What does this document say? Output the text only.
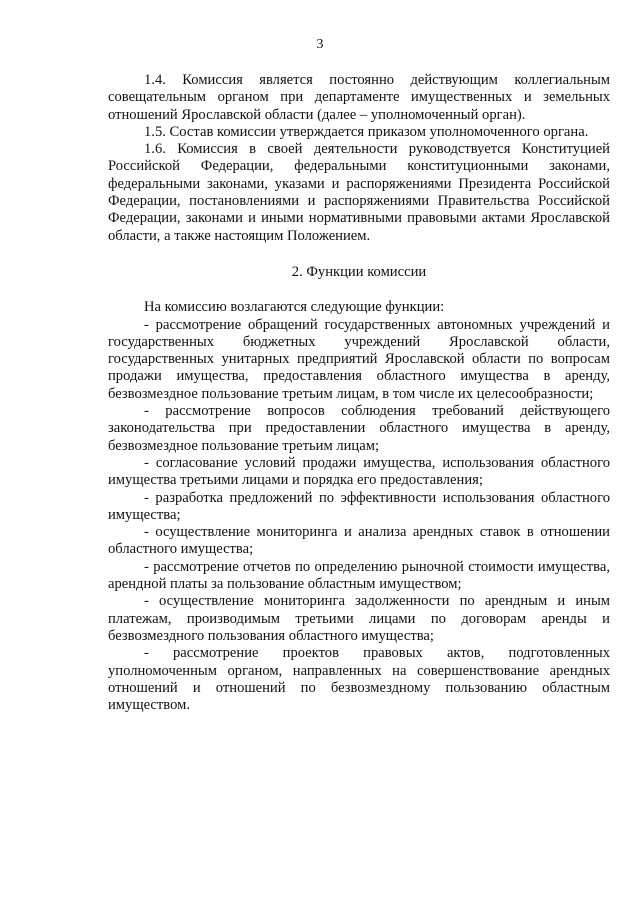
3

1.4. Комиссия является постоянно действующим коллегиальным совещательным органом при департаменте имущественных и земельных отношений Ярославской области (далее – уполномоченный орган).

1.5. Состав комиссии утверждается приказом уполномоченного органа.

1.6. Комиссия в своей деятельности руководствуется Конституцией Российской Федерации, федеральными конституционными законами, федеральными законами, указами и распоряжениями Президента Российской Федерации, постановлениями и распоряжениями Правительства Российской Федерации, законами и иными нормативными правовыми актами Ярославской области, а также настоящим Положением.

2. Функции комиссии

На комиссию возлагаются следующие функции:

- рассмотрение обращений государственных автономных учреждений и государственных бюджетных учреждений Ярославской области, государственных унитарных предприятий Ярославской области по вопросам продажи имущества, предоставления областного имущества в аренду, безвозмездное пользование третьим лицам, в том числе их целесообразности;

- рассмотрение вопросов соблюдения требований действующего законодательства при предоставлении областного имущества в аренду, безвозмездное пользование третьим лицам;

- согласование условий продажи имущества, использования областного имущества третьими лицами и порядка его предоставления;

- разработка предложений по эффективности использования областного имущества;

- осуществление мониторинга и анализа арендных ставок в отношении областного имущества;

- рассмотрение отчетов по определению рыночной стоимости имущества, арендной платы за пользование областным имуществом;

- осуществление мониторинга задолженности по арендным и иным платежам, производимым третьими лицами по договорам аренды и безвозмездного пользования областного имущества;

- рассмотрение проектов правовых актов, подготовленных уполномоченным органом, направленных на совершенствование арендных отношений и отношений по безвозмездному пользованию областным имуществом.
